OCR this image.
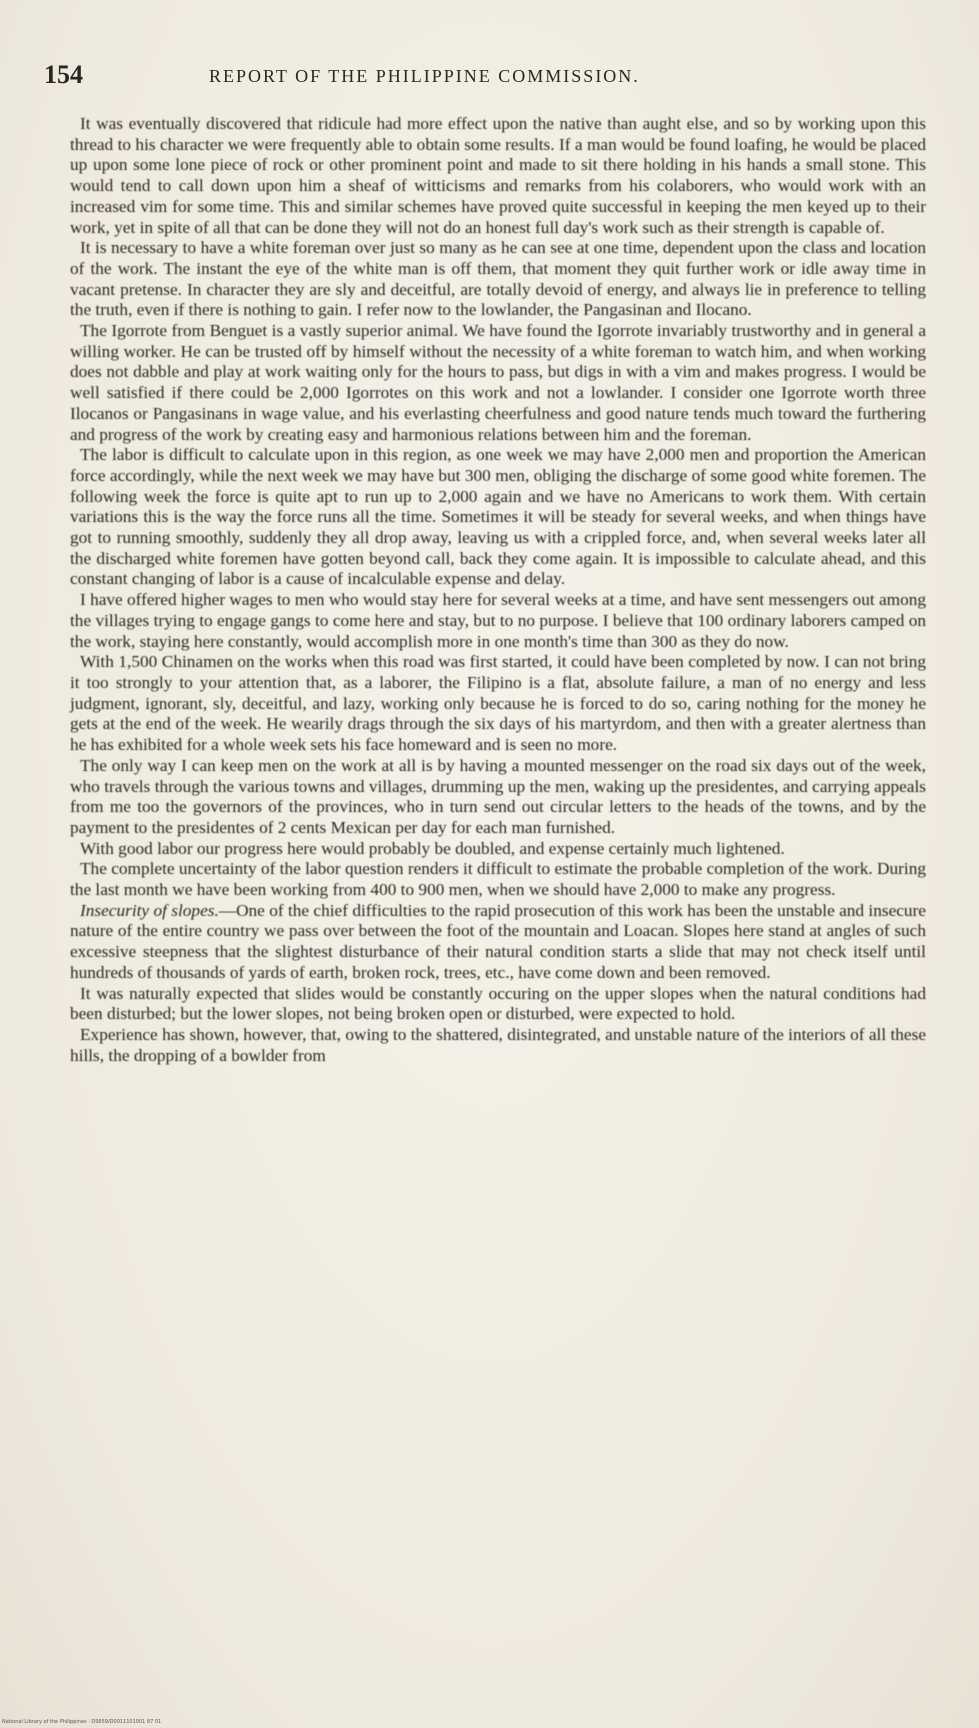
154	REPORT OF THE PHILIPPINE COMMISSION.

It was eventually discovered that ridicule had more effect upon the native than aught else, and so by working upon this thread to his character we were frequently able to obtain some results. If a man would be found loafing, he would be placed up upon some lone piece of rock or other prominent point and made to sit there holding in his hands a small stone. This would tend to call down upon him a sheaf of witticisms and remarks from his colaborers, who would work with an increased vim for some time. This and similar schemes have proved quite successful in keeping the men keyed up to their work, yet in spite of all that can be done they will not do an honest full day's work such as their strength is capable of.

It is necessary to have a white foreman over just so many as he can see at one time, dependent upon the class and location of the work. The instant the eye of the white man is off them, that moment they quit further work or idle away time in vacant pretense. In character they are sly and deceitful, are totally devoid of energy, and always lie in preference to telling the truth, even if there is nothing to gain. I refer now to the lowlander, the Pangasinan and Ilocano.

The Igorrote from Benguet is a vastly superior animal. We have found the Igorrote invariably trustworthy and in general a willing worker. He can be trusted off by himself without the necessity of a white foreman to watch him, and when working does not dabble and play at work waiting only for the hours to pass, but digs in with a vim and makes progress. I would be well satisfied if there could be 2,000 Igorrotes on this work and not a lowlander. I consider one Igorrote worth three Ilocanos or Pangasinans in wage value, and his everlasting cheerfulness and good nature tends much toward the furthering and progress of the work by creating easy and harmonious relations between him and the foreman.

The labor is difficult to calculate upon in this region, as one week we may have 2,000 men and proportion the American force accordingly, while the next week we may have but 300 men, obliging the discharge of some good white foremen. The following week the force is quite apt to run up to 2,000 again and we have no Americans to work them. With certain variations this is the way the force runs all the time. Sometimes it will be steady for several weeks, and when things have got to running smoothly, suddenly they all drop away, leaving us with a crippled force, and, when several weeks later all the discharged white foremen have gotten beyond call, back they come again. It is impossible to calculate ahead, and this constant changing of labor is a cause of incalculable expense and delay.

I have offered higher wages to men who would stay here for several weeks at a time, and have sent messengers out among the villages trying to engage gangs to come here and stay, but to no purpose. I believe that 100 ordinary laborers camped on the work, staying here constantly, would accomplish more in one month's time than 300 as they do now.

With 1,500 Chinamen on the works when this road was first started, it could have been completed by now. I can not bring it too strongly to your attention that, as a laborer, the Filipino is a flat, absolute failure, a man of no energy and less judgment, ignorant, sly, deceitful, and lazy, working only because he is forced to do so, caring nothing for the money he gets at the end of the week. He wearily drags through the six days of his martyrdom, and then with a greater alertness than he has exhibited for a whole week sets his face homeward and is seen no more.

The only way I can keep men on the work at all is by having a mounted messenger on the road six days out of the week, who travels through the various towns and villages, drumming up the men, waking up the presidentes, and carrying appeals from me too the governors of the provinces, who in turn send out circular letters to the heads of the towns, and by the payment to the presidentes of 2 cents Mexican per day for each man furnished.

With good labor our progress here would probably be doubled, and expense certainly much lightened.

The complete uncertainty of the labor question renders it difficult to estimate the probable completion of the work. During the last month we have been working from 400 to 900 men, when we should have 2,000 to make any progress.

Insecurity of slopes.—One of the chief difficulties to the rapid prosecution of this work has been the unstable and insecure nature of the entire country we pass over between the foot of the mountain and Loacan. Slopes here stand at angles of such excessive steepness that the slightest disturbance of their natural condition starts a slide that may not check itself until hundreds of thousands of yards of earth, broken rock, trees, etc., have come down and been removed.

It was naturally expected that slides would be constantly occuring on the upper slopes when the natural conditions had been disturbed; but the lower slopes, not being broken open or disturbed, were expected to hold.

Experience has shown, however, that, owing to the shattered, disintegrated, and unstable nature of the interiors of all these hills, the dropping of a bowlder from

National Library of the Philippines · DS659/D0011101001 87 01
